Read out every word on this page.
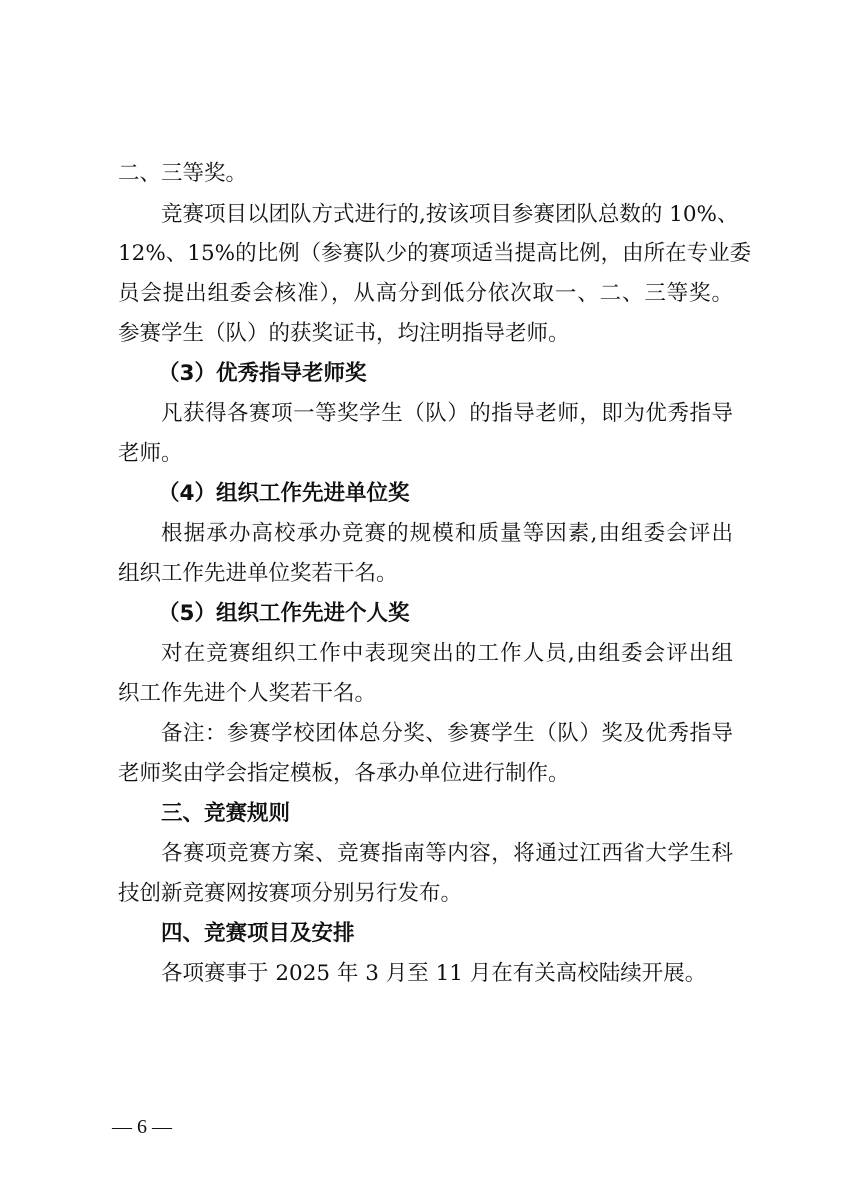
二、三等奖。

竞赛项目以团队方式进行的,按该项目参赛团队总数的 10%、

12%、15%的比例（参赛队少的赛项适当提高比例，由所在专业委

员会提出组委会核准），从高分到低分依次取一、二、三等奖。

参赛学生（队）的获奖证书，均注明指导老师。

（3）优秀指导老师奖

凡获得各赛项一等奖学生（队）的指导老师，即为优秀指导

老师。

（4）组织工作先进单位奖

根据承办高校承办竞赛的规模和质量等因素,由组委会评出

组织工作先进单位奖若干名。

（5）组织工作先进个人奖

对在竞赛组织工作中表现突出的工作人员,由组委会评出组

织工作先进个人奖若干名。

备注：参赛学校团体总分奖、参赛学生（队）奖及优秀指导

老师奖由学会指定模板，各承办单位进行制作。

三、竞赛规则

各赛项竞赛方案、竞赛指南等内容，将通过江西省大学生科

技创新竞赛网按赛项分别另行发布。

四、竞赛项目及安排

各项赛事于 2025 年 3 月至 11 月在有关高校陆续开展。

— 6 —
